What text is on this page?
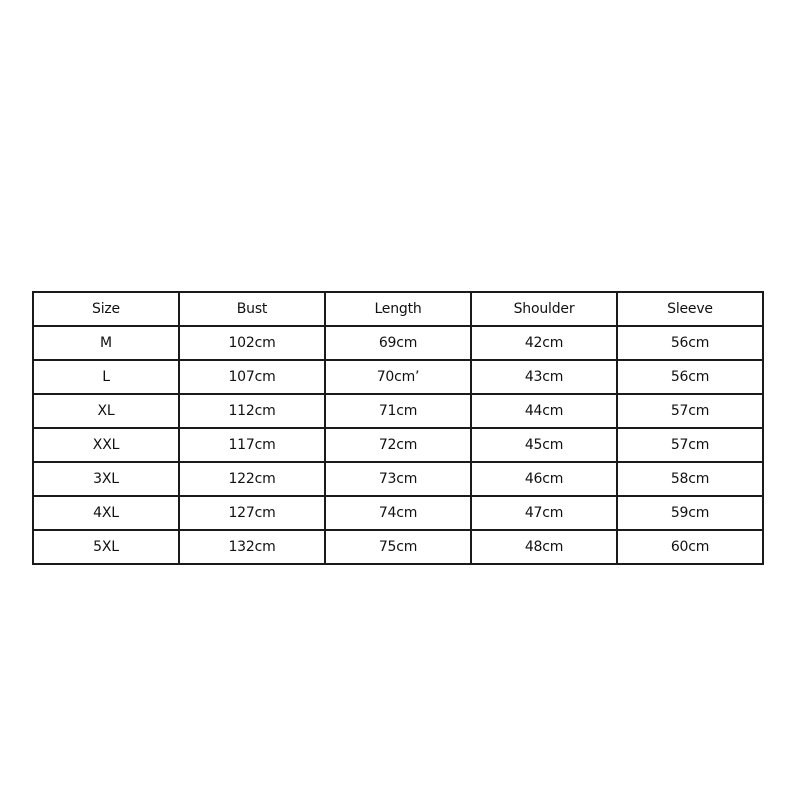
Size	Bust	Length	Shoulder	Sleeve
M	102cm	69cm	42cm	56cm
L	107cm	70cm’	43cm	56cm
XL	112cm	71cm	44cm	57cm
XXL	117cm	72cm	45cm	57cm
3XL	122cm	73cm	46cm	58cm
4XL	127cm	74cm	47cm	59cm
5XL	132cm	75cm	48cm	60cm
